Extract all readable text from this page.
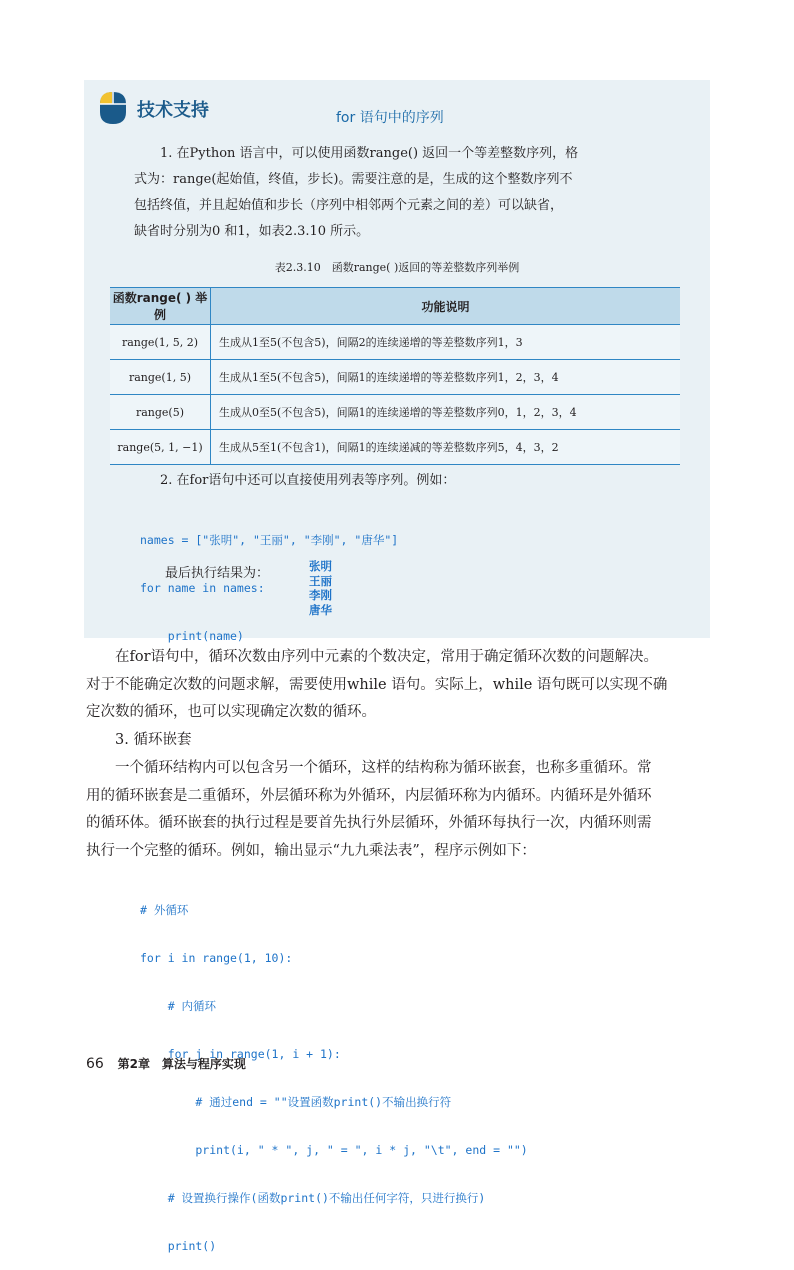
技术支持	for 语句中的序列
1. 在Python 语言中，可以使用函数range() 返回一个等差整数序列，格
式为：range(起始值，终值，步长)。需要注意的是，生成的这个整数序列不
包括终值，并且起始值和步长（序列中相邻两个元素之间的差）可以缺省，
缺省时分别为0 和1，如表2.3.10 所示。
表2.3.10　函数range( )返回的等差整数序列举例
函数range( ) 举例	功能说明
range(1, 5, 2)	生成从1至5(不包含5)，间隔2的连续递增的等差整数序列1，3
range(1, 5)	生成从1至5(不包含5)，间隔1的连续递增的等差整数序列1，2，3，4
range(5)	生成从0至5(不包含5)，间隔1的连续递增的等差整数序列0，1，2，3，4
range(5, 1, −1)	生成从5至1(不包含1)，间隔1的连续递减的等差整数序列5，4，3，2
2. 在for语句中还可以直接使用列表等序列。例如：

names = ["张明", "王丽", "李刚", "唐华"]

for name in names:

print(name)

最后执行结果为：	张明
王丽
李刚
唐华
在for语句中，循环次数由序列中元素的个数决定，常用于确定循环次数的问题解决。
对于不能确定次数的问题求解，需要使用while 语句。实际上，while 语句既可以实现不确
定次数的循环，也可以实现确定次数的循环。
3. 循环嵌套
一个循环结构内可以包含另一个循环，这样的结构称为循环嵌套，也称多重循环。常
用的循环嵌套是二重循环，外层循环称为外循环，内层循环称为内循环。内循环是外循环
的循环体。循环嵌套的执行过程是要首先执行外层循环，外循环每执行一次，内循环则需
执行一个完整的循环。例如，输出显示“九九乘法表”，程序示例如下：

# 外循环

for i in range(1, 10):

# 内循环

for j in range(1, i + 1):

# 通过end = ""设置函数print()不输出换行符

print(i, " * ", j, " = ", i * j, "\t", end = "")

# 设置换行操作(函数print()不输出任何字符，只进行换行)

print()

66 第2章 算法与程序实现
